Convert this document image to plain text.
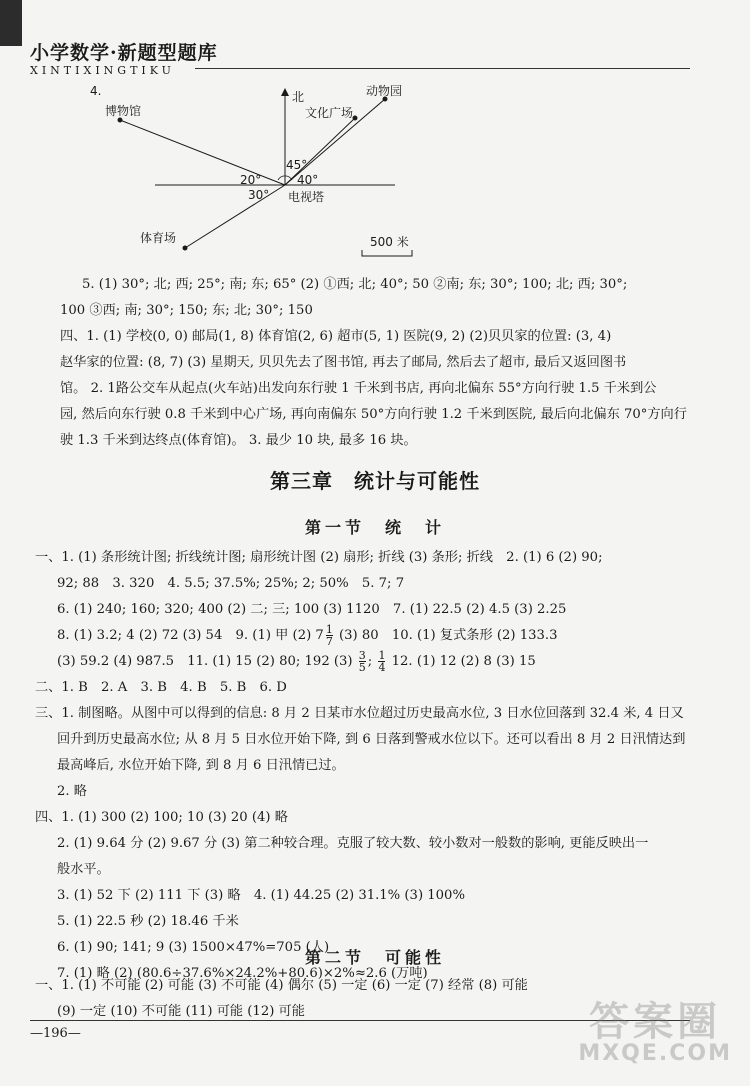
小学数学·新题型题库
XINTIXINGTIKU
4.	北
博物馆
动物园
文化广场
体育场
45°
20°	40°
30° 电视塔
500 米

5. (1) 30°; 北; 西; 25°; 南; 东; 65° (2) ①西; 北; 40°; 50 ②南; 东; 30°; 100; 北; 西; 30°;

100 ③西; 南; 30°; 150; 东; 北; 30°; 150

四、1. (1) 学校(0, 0) 邮局(1, 8) 体育馆(2, 6) 超市(5, 1) 医院(9, 2) (2)贝贝家的位置: (3, 4)

赵华家的位置: (8, 7) (3) 星期天, 贝贝先去了图书馆, 再去了邮局, 然后去了超市, 最后又返回图书

馆。 2. 1路公交车从起点(火车站)出发向东行驶 1 千米到书店, 再向北偏东 55°方向行驶 1.5 千米到公

园, 然后向东行驶 0.8 千米到中心广场, 再向南偏东 50°方向行驶 1.2 千米到医院, 最后向北偏东 70°方向行

驶 1.3 千米到达终点(体育馆)。 3. 最少 10 块, 最多 16 块。

第三章　统计与可能性
第一节　统　计

一、1. (1) 条形统计图; 折线统计图; 扇形统计图 (2) 扇形; 折线 (3) 条形; 折线　2. (1) 6 (2) 90;

92; 88　3. 320　4. 5.5; 37.5%; 25%; 2; 50%　5. 7; 7

6. (1) 240; 160; 320; 400 (2) 二; 三; 100 (3) 1120　7. (1) 22.5 (2) 4.5 (3) 2.25

8. (1) 3.2; 4 (2) 72 (3) 54　9. (1) 甲 (2) $7 \frac{1}{7} (3)$ 80　10. (1) 复式条形 (2) 133.3

(3) 59.2 (4) 987.5　11. (1) 15 (2) 80; 192 $(3) \frac{3}{5}$ ; $\frac{1}{4} 12$. (1) 12 (2) 8 (3) 15

二、1. B　2. A　3. B　4. B　5. B　6. D

三、1. 制图略。从图中可以得到的信息: 8 月 2 日某市水位超过历史最高水位, 3 日水位回落到 32.4 米, 4 日又

回升到历史最高水位; 从 8 月 5 日水位开始下降, 到 6 日落到警戒水位以下。还可以看出 8 月 2 日汛情达到

最高峰后, 水位开始下降, 到 8 月 6 日汛情已过。

2. 略

四、1. (1) 300 (2) 100; 10 (3) 20 (4) 略

2. (1) 9.64 分 (2) 9.67 分 (3) 第二种较合理。克服了较大数、较小数对一般数的影响, 更能反映出一

般水平。

3. (1) 52 下 (2) 111 下 (3) 略　4. (1) 44.25 (2) 31.1% (3) 100%

5. (1) 22.5 秒 (2) 18.46 千米

6. (1) 90; 141; 9 (3) 1500×47%=705 (人)

7. (1) 略 (2) (80.6÷37.6%×24.2%+80.6)×2%≈2.6 (万吨)

第二节　可能性

一、1. (1) 不可能 (2) 可能 (3) 不可能 (4) 偶尔 (5) 一定 (6) 一定 (7) 经常 (8) 可能

(9) 一定 (10) 不可能 (11) 可能 (12) 可能

—196—	答案圈
MXQE.COM
